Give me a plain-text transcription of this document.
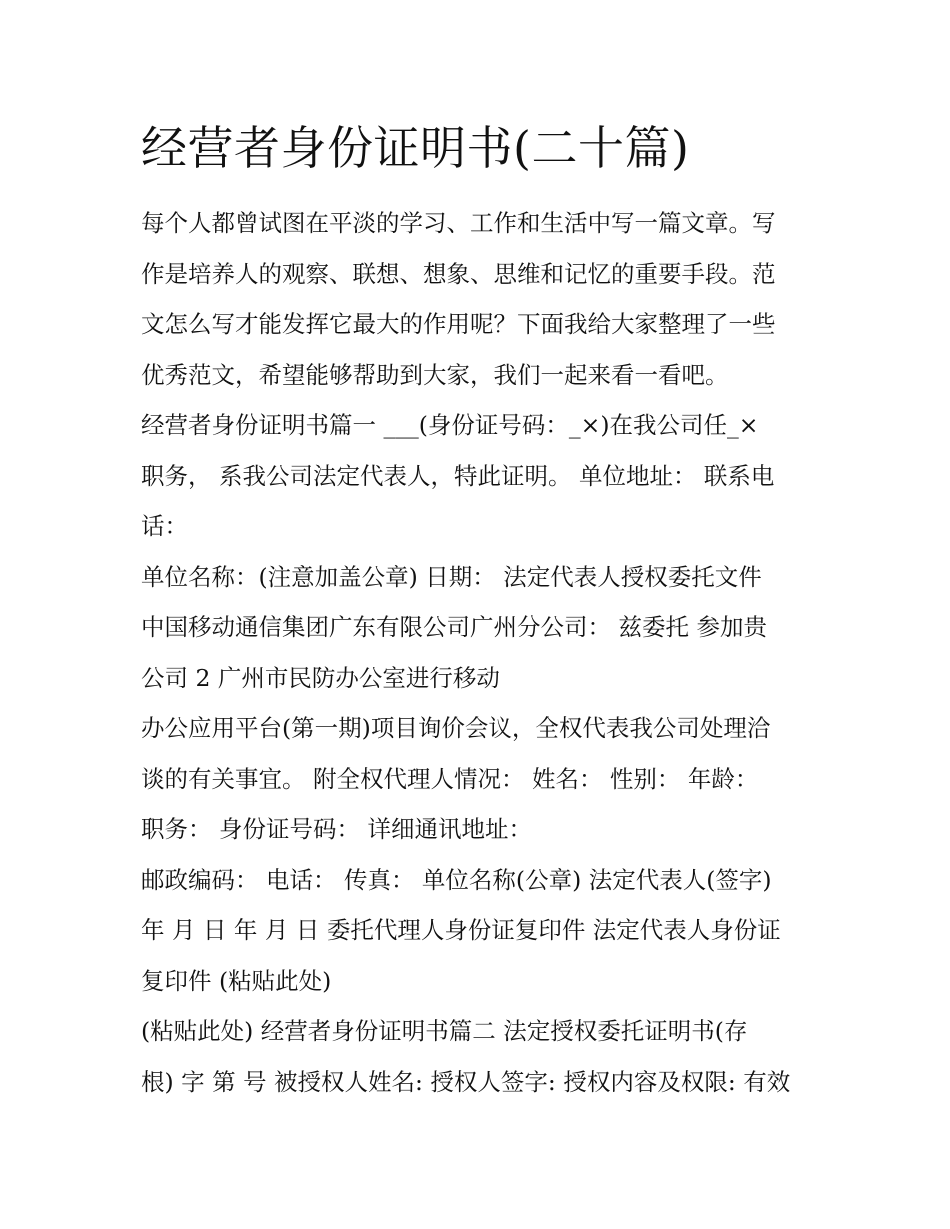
经营者身份证明书(二十篇)
每个人都曾试图在平淡的学习、工作和生活中写一篇文章。写
作是培养人的观察、联想、想象、思维和记忆的重要手段。范
文怎么写才能发挥它最大的作用呢？下面我给大家整理了一些
优秀范文，希望能够帮助到大家，我们一起来看一看吧。
经营者身份证明书篇一 ___(身份证号码：_×)在我公司任_×
职务， 系我公司法定代表人，特此证明。 单位地址： 联系电
话：
单位名称：(注意加盖公章) 日期： 法定代表人授权委托文件
中国移动通信集团广东有限公司广州分公司： 兹委托 参加贵
公司 2 广州市民防办公室进行移动
办公应用平台(第一期)项目询价会议，全权代表我公司处理洽
谈的有关事宜。 附全权代理人情况： 姓名： 性别： 年龄：
职务： 身份证号码： 详细通讯地址：
邮政编码： 电话： 传真： 单位名称(公章) 法定代表人(签字)
年 月 日 年 月 日 委托代理人身份证复印件 法定代表人身份证
复印件 (粘贴此处)
(粘贴此处) 经营者身份证明书篇二 法定授权委托证明书(存
根) 字 第 号 被授权人姓名: 授权人签字: 授权内容及权限: 有效
